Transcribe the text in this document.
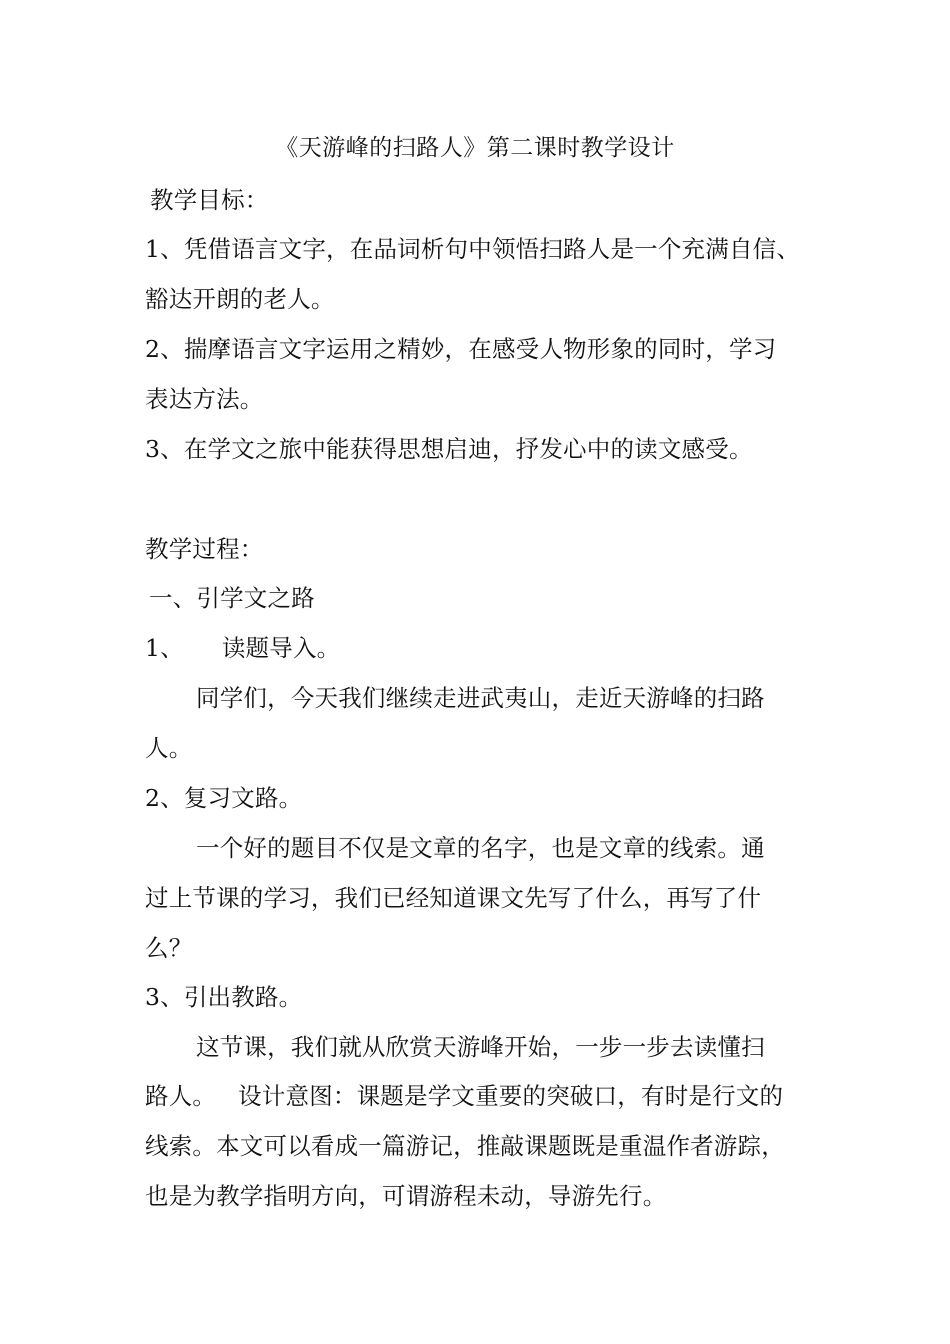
《天游峰的扫路人》第二课时教学设计
教学目标：
1、凭借语言文字，在品词析句中领悟扫路人是一个充满自信、
豁达开朗的老人。
2、揣摩语言文字运用之精妙，在感受人物形象的同时，学习
表达方法。
3、在学文之旅中能获得思想启迪，抒发心中的读文感受。
教学过程：
一、引学文之路
1、 读题导入。
同学们，今天我们继续走进武夷山，走近天游峰的扫路
人。
2、复习文路。
一个好的题目不仅是文章的名字，也是文章的线索。通
过上节课的学习，我们已经知道课文先写了什么，再写了什
么？
3、引出教路。
这节课，我们就从欣赏天游峰开始，一步一步去读懂扫
路人。 设计意图：课题是学文重要的突破口，有时是行文的
线索。本文可以看成一篇游记，推敲课题既是重温作者游踪，
也是为教学指明方向，可谓游程未动，导游先行。
